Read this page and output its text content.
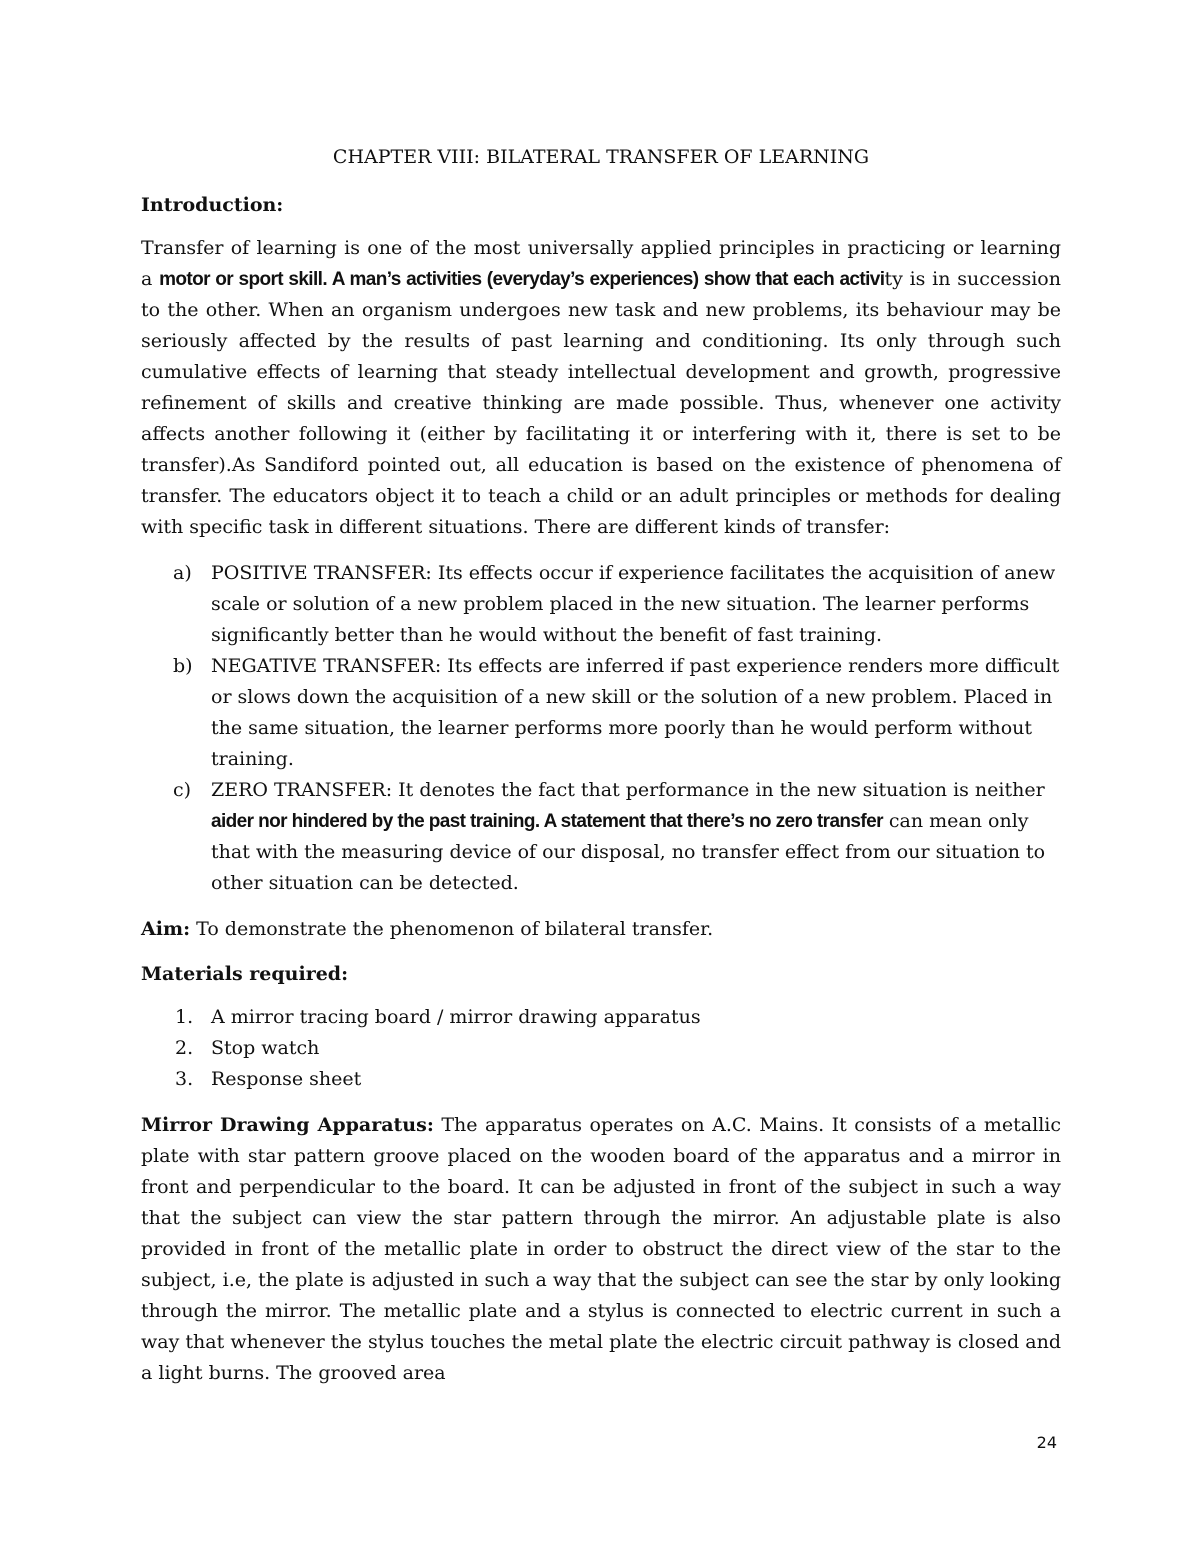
CHAPTER VIII: BILATERAL TRANSFER OF LEARNING
Introduction:

Transfer of learning is one of the most universally applied principles in practicing or learning a motor or sport skill. A man’s activities (everyday’s experiences) show that each activity is in succession to the other. When an organism undergoes new task and new problems, its behaviour may be seriously affected by the results of past learning and conditioning. Its only through such cumulative effects of learning that steady intellectual development and growth, progressive refinement of skills and creative thinking are made possible. Thus, whenever one activity affects another following it (either by facilitating it or interfering with it, there is set to be transfer).As Sandiford pointed out, all education is based on the existence of phenomena of transfer. The educators object it to teach a child or an adult principles or methods for dealing with specific task in different situations. There are different kinds of transfer:

a) POSITIVE TRANSFER: Its effects occur if experience facilitates the acquisition of anew scale or solution of a new problem placed in the new situation. The learner performs significantly better than he would without the benefit of fast training.
b) NEGATIVE TRANSFER: Its effects are inferred if past experience renders more difficult or slows down the acquisition of a new skill or the solution of a new problem. Placed in the same situation, the learner performs more poorly than he would perform without training.
c) ZERO TRANSFER: It denotes the fact that performance in the new situation is neither aider nor hindered by the past training. A statement that there’s no zero transfer can mean only that with the measuring device of our disposal, no transfer effect from our situation to other situation can be detected.
Aim: To demonstrate the phenomenon of bilateral transfer.
Materials required:
1. A mirror tracing board / mirror drawing apparatus
2. Stop watch
3. Response sheet

Mirror Drawing Apparatus: The apparatus operates on A.C. Mains. It consists of a metallic plate with star pattern groove placed on the wooden board of the apparatus and a mirror in front and perpendicular to the board. It can be adjusted in front of the subject in such a way that the subject can view the star pattern through the mirror. An adjustable plate is also provided in front of the metallic plate in order to obstruct the direct view of the star to the subject, i.e, the plate is adjusted in such a way that the subject can see the star by only looking through the mirror. The metallic plate and a stylus is connected to electric current in such a way that whenever the stylus touches the metal plate the electric circuit pathway is closed and a light burns. The grooved area

24
